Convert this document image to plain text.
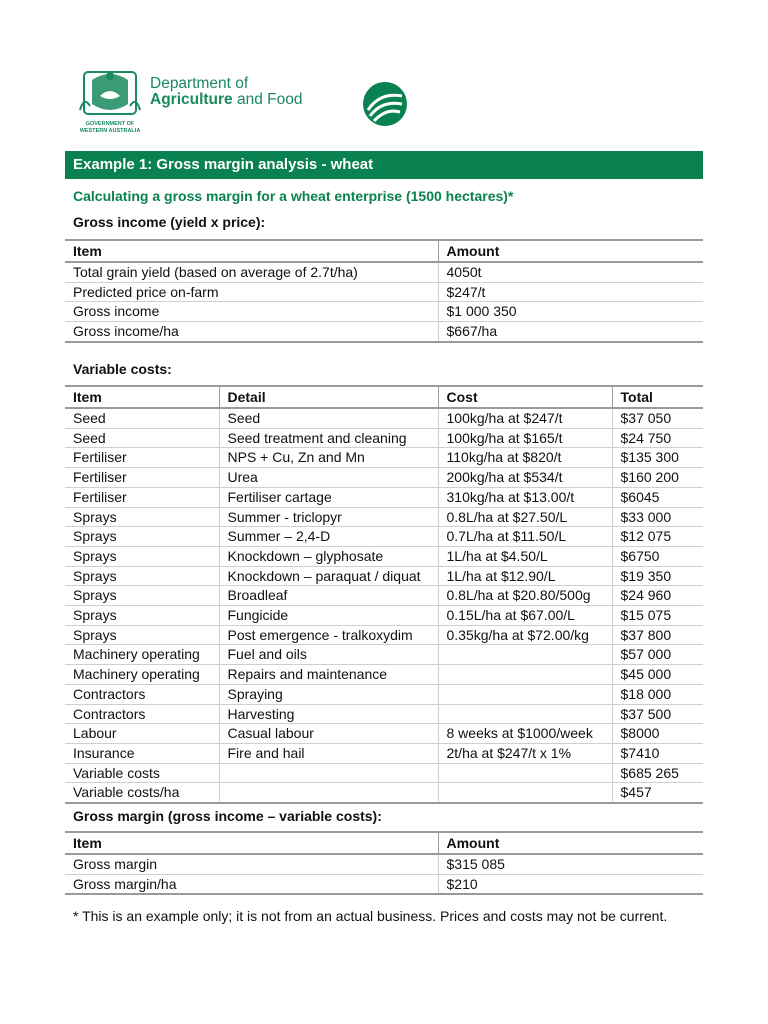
GOVERNMENT OF
WESTERN AUSTRALIA
Department of
Agriculture and Food
Example 1: Gross margin analysis - wheat
Calculating a gross margin for a wheat enterprise (1500 hectares)*
Gross income (yield x price):
Item	Amount
Total grain yield (based on average of 2.7t/ha)	4050t
Predicted price on-farm	$247/t
Gross income	$1 000 350
Gross income/ha	$667/ha
Variable costs:
Item	Detail	Cost	Total
Seed	Seed	100kg/ha at $247/t	$37 050
Seed	Seed treatment and cleaning	100kg/ha at $165/t	$24 750
Fertiliser	NPS + Cu, Zn and Mn	110kg/ha at $820/t	$135 300
Fertiliser	Urea	200kg/ha at $534/t	$160 200
Fertiliser	Fertiliser cartage	310kg/ha at $13.00/t	$6045
Sprays	Summer - triclopyr	0.8L/ha at $27.50/L	$33 000
Sprays	Summer – 2,4-D	0.7L/ha at $11.50/L	$12 075
Sprays	Knockdown – glyphosate	1L/ha at $4.50/L	$6750
Sprays	Knockdown – paraquat / diquat	1L/ha at $12.90/L	$19 350
Sprays	Broadleaf	0.8L/ha at $20.80/500g	$24 960
Sprays	Fungicide	0.15L/ha at $67.00/L	$15 075
Sprays	Post emergence - tralkoxydim	0.35kg/ha at $72.00/kg	$37 800
Machinery operating	Fuel and oils		$57 000
Machinery operating	Repairs and maintenance		$45 000
Contractors	Spraying		$18 000
Contractors	Harvesting		$37 500
Labour	Casual labour	8 weeks at $1000/week	$8000
Insurance	Fire and hail	2t/ha at $247/t x 1%	$7410
Variable costs			$685 265
Variable costs/ha			$457
Gross margin (gross income – variable costs):
Item	Amount
Gross margin	$315 085
Gross margin/ha	$210
* This is an example only; it is not from an actual business. Prices and costs may not be current.
